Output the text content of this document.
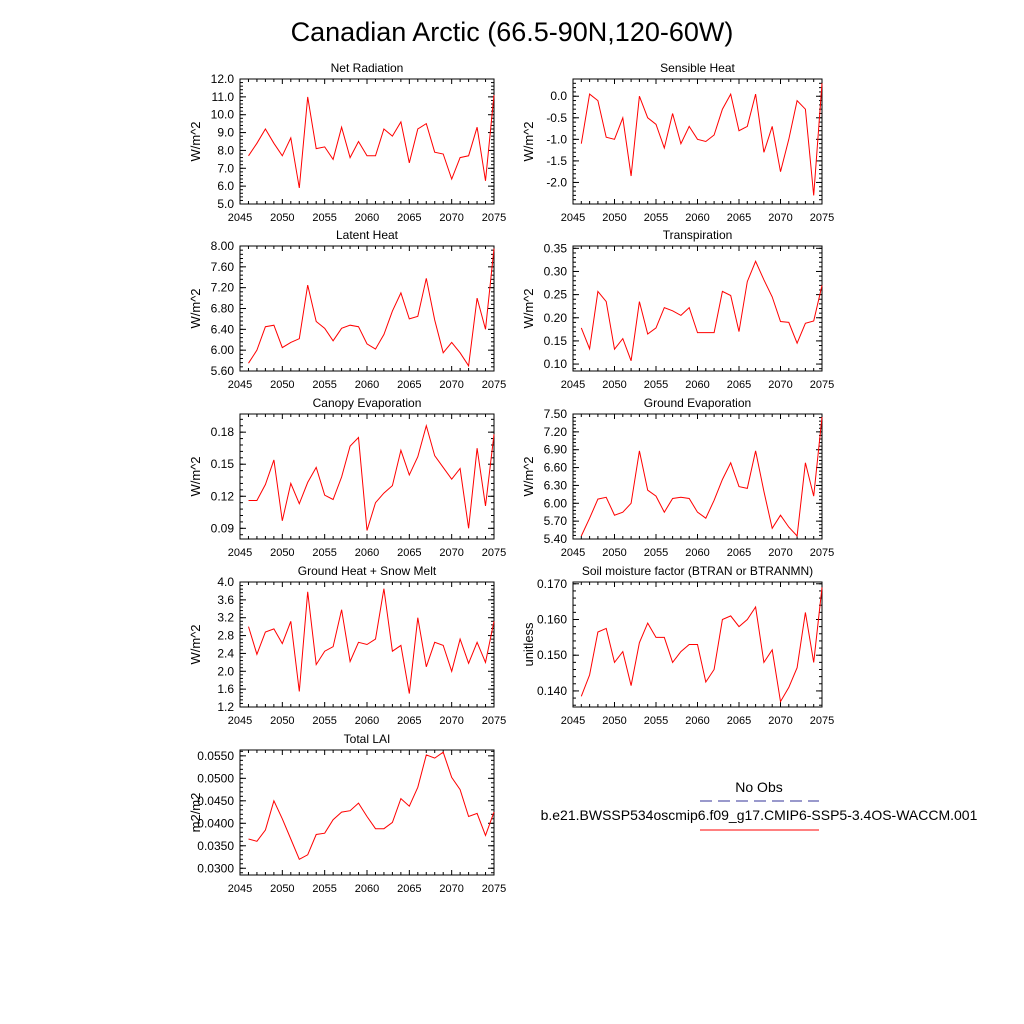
Canadian Arctic (66.5-90N,120-60W)
No Obs
b.e21.BWSSP534oscmip6.f09_g17.CMIP6-SSP5-3.4OS-WACCM.001
Net Radiation
W/m^2
2045 2050 2055 2060 2065 2070 2075
5.0
6.0
7.0
8.0
9.0
10.0
11.0
12.0
Sensible Heat
W/m^2
2045 2050 2055 2060 2065 2070 2075
-2.0
-1.5
-1.0
-0.5
0.0
Latent Heat
W/m^2
2045 2050 2055 2060 2065 2070 2075
5.60
6.00
6.40
6.80
7.20
7.60
8.00
Transpiration
W/m^2
2045 2050 2055 2060 2065 2070 2075
0.10
0.15
0.20
0.25
0.30
0.35
Canopy Evaporation
W/m^2
2045 2050 2055 2060 2065 2070 2075
0.09
0.12
0.15
0.18
Ground Evaporation
W/m^2
2045 2050 2055 2060 2065 2070 2075
5.40
5.70
6.00
6.30
6.60
6.90
7.20
7.50
Ground Heat + Snow Melt
W/m^2
2045 2050 2055 2060 2065 2070 2075
1.2
1.6
2.0
2.4
2.8
3.2
3.6
4.0
Soil moisture factor (BTRAN or BTRANMN)
unitless
2045 2050 2055 2060 2065 2070 2075
0.140
0.150
0.160
0.170
Total LAI
m2/m2
2045 2050 2055 2060 2065 2070 2075
0.0300
0.0350
0.0400
0.0450
0.0500
0.0550
